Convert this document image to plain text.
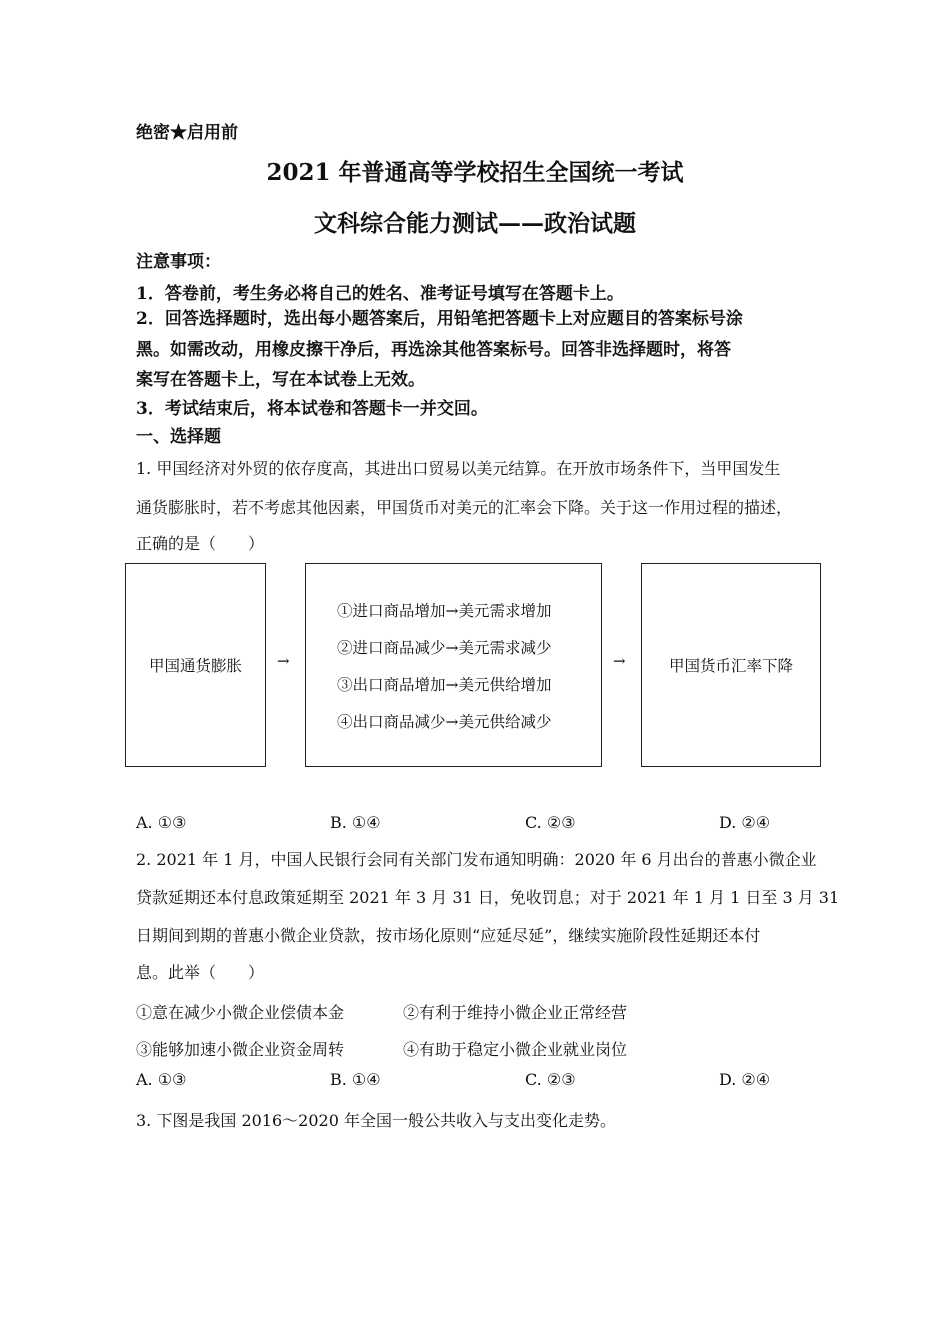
绝密★启用前
2021 年普通高等学校招生全国统一考试
文科综合能力测试——政治试题
注意事项：
1．答卷前，考生务必将自己的姓名、准考证号填写在答题卡上。
2．回答选择题时，选出每小题答案后，用铅笔把答题卡上对应题目的答案标号涂
黑。如需改动，用橡皮擦干净后，再选涂其他答案标号。回答非选择题时，将答
案写在答题卡上，写在本试卷上无效。
3．考试结束后，将本试卷和答题卡一并交回。
一、选择题
1. 甲国经济对外贸的依存度高，其进出口贸易以美元结算。在开放市场条件下，当甲国发生
通货膨胀时，若不考虑其他因素，甲国货币对美元的汇率会下降。关于这一作用过程的描述，
正确的是（　　）
甲国通货膨胀 →
①进口商品增加→美元需求增加
②进口商品减少→美元需求减少
③出口商品增加→美元供给增加
④出口商品减少→美元供给减少
→	甲国货币汇率下降
A. ①③	B. ①④	C. ②③	D. ②④
2. 2021 年 1 月，中国人民银行会同有关部门发布通知明确：2020 年 6 月出台的普惠小微企业
贷款延期还本付息政策延期至 2021 年 3 月 31 日，免收罚息；对于 2021 年 1 月 1 日至 3 月 31
日期间到期的普惠小微企业贷款，按市场化原则“应延尽延”，继续实施阶段性延期还本付
息。此举（　　）
①意在减少小微企业偿债本金	②有利于维持小微企业正常经营
③能够加速小微企业资金周转	④有助于稳定小微企业就业岗位
A. ①③	B. ①④	C. ②③	D. ②④
3. 下图是我国 2016～2020 年全国一般公共收入与支出变化走势。
